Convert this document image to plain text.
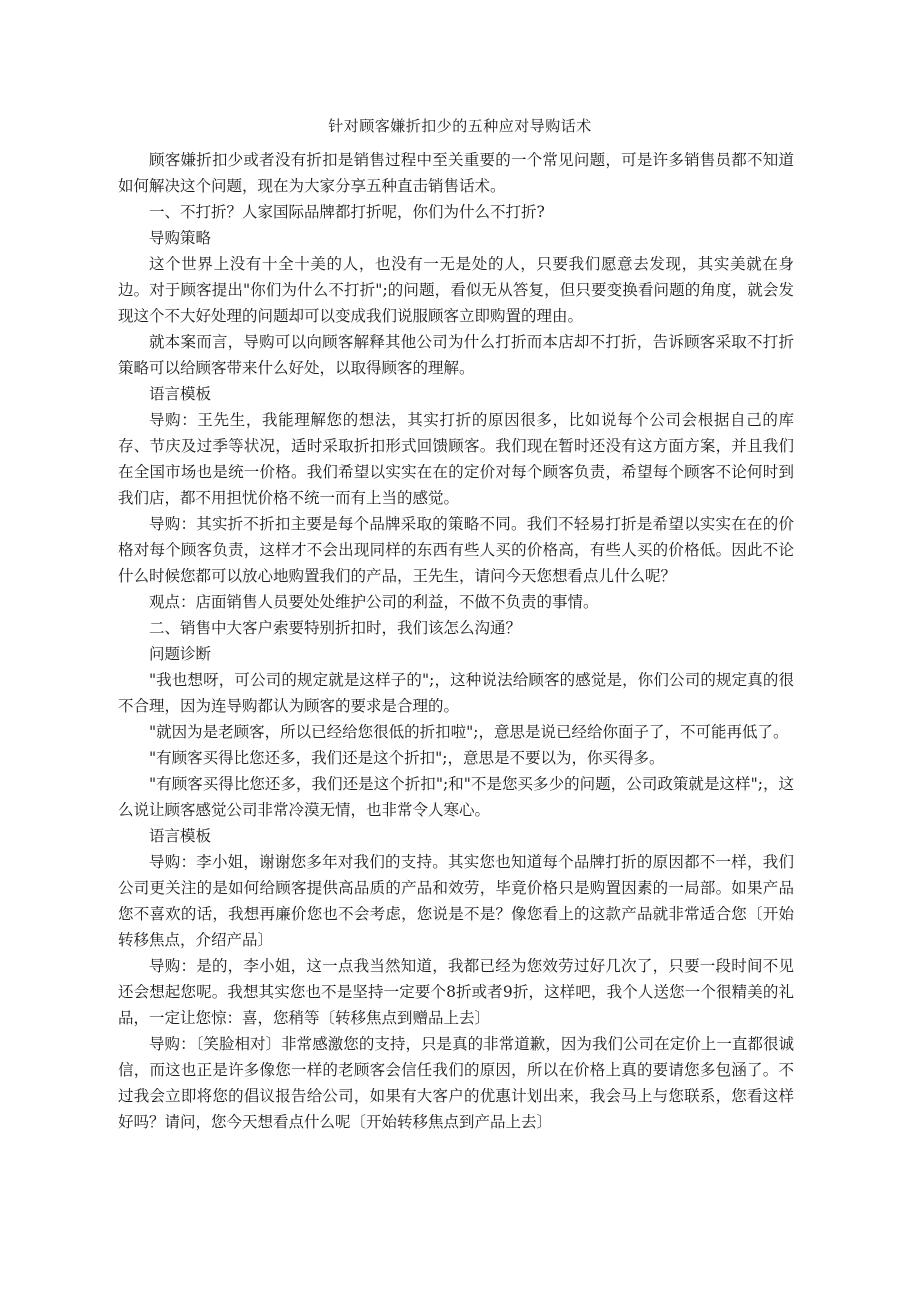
针对顾客嫌折扣少的五种应对导购话术

顾客嫌折扣少或者没有折扣是销售过程中至关重要的一个常见问题，可是许多销售员都不知道如何解决这个问题，现在为大家分享五种直击销售话术。

一、不打折？人家国际品牌都打折呢，你们为什么不打折?

导购策略

这个世界上没有十全十美的人，也没有一无是处的人，只要我们愿意去发现，其实美就在身边。对于顾客提出"你们为什么不打折";的问题，看似无从答复，但只要变换看问题的角度，就会发现这个不大好处理的问题却可以变成我们说服顾客立即购置的理由。

就本案而言，导购可以向顾客解释其他公司为什么打折而本店却不打折，告诉顾客采取不打折策略可以给顾客带来什么好处，以取得顾客的理解。

语言模板

导购：王先生，我能理解您的想法，其实打折的原因很多，比如说每个公司会根据自己的库存、节庆及过季等状况，适时采取折扣形式回馈顾客。我们现在暂时还没有这方面方案，并且我们在全国市场也是统一价格。我们希望以实实在在的定价对每个顾客负责，希望每个顾客不论何时到我们店，都不用担忧价格不统一而有上当的感觉。

导购：其实折不折扣主要是每个品牌采取的策略不同。我们不轻易打折是希望以实实在在的价格对每个顾客负责，这样才不会出现同样的东西有些人买的价格高，有些人买的价格低。因此不论什么时候您都可以放心地购置我们的产品，王先生，请问今天您想看点儿什么呢？

观点：店面销售人员要处处维护公司的利益，不做不负责的事情。

二、销售中大客户索要特别折扣时，我们该怎么沟通？

问题诊断

"我也想呀，可公司的规定就是这样子的";，这种说法给顾客的感觉是，你们公司的规定真的很不合理，因为连导购都认为顾客的要求是合理的。

"就因为是老顾客，所以已经给您很低的折扣啦";，意思是说已经给你面子了，不可能再低了。

"有顾客买得比您还多，我们还是这个折扣";，意思是不要以为，你买得多。

"有顾客买得比您还多，我们还是这个折扣";和"不是您买多少的问题，公司政策就是这样";，这么说让顾客感觉公司非常冷漠无情，也非常令人寒心。

语言模板

导购：李小姐，谢谢您多年对我们的支持。其实您也知道每个品牌打折的原因都不一样，我们公司更关注的是如何给顾客提供高品质的产品和效劳，毕竟价格只是购置因素的一局部。如果产品您不喜欢的话，我想再廉价您也不会考虑，您说是不是？像您看上的这款产品就非常适合您〔开始转移焦点，介绍产品〕

导购：是的，李小姐，这一点我当然知道，我都已经为您效劳过好几次了，只要一段时间不见还会想起您呢。我想其实您也不是坚持一定要个8折或者9折，这样吧，我个人送您一个很精美的礼品，一定让您惊：喜，您稍等〔转移焦点到赠品上去〕

导购：〔笑脸相对〕非常感激您的支持，只是真的非常道歉，因为我们公司在定价上一直都很诚信，而这也正是许多像您一样的老顾客会信任我们的原因，所以在价格上真的要请您多包涵了。不过我会立即将您的倡议报告给公司，如果有大客户的优惠计划出来，我会马上与您联系，您看这样好吗？请问，您今天想看点什么呢〔开始转移焦点到产品上去〕
